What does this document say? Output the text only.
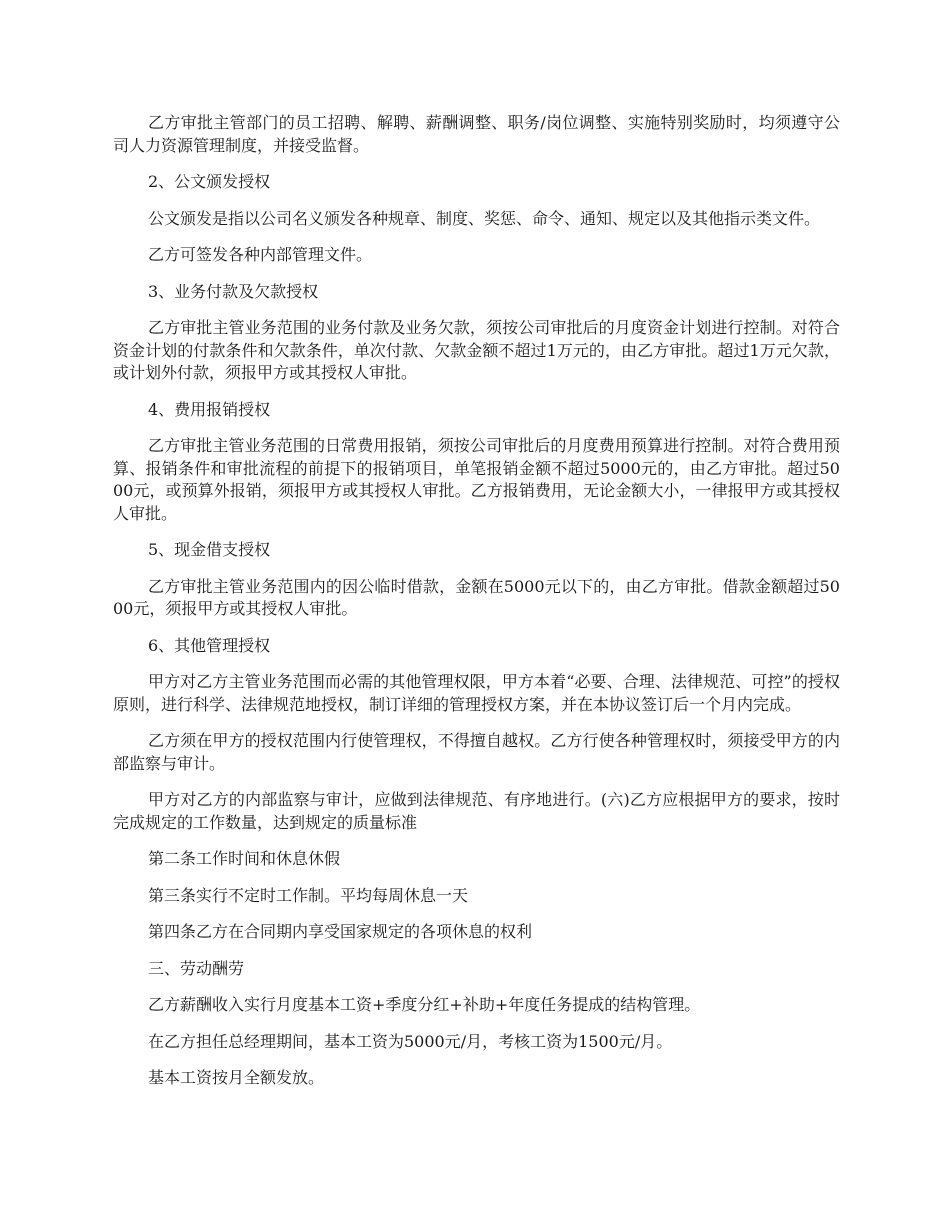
乙方审批主管部门的员工招聘、解聘、薪酬调整、职务/岗位调整、实施特别奖励时，均须遵守公司人力资源管理制度，并接受监督。

2、公文颁发授权

公文颁发是指以公司名义颁发各种规章、制度、奖惩、命令、通知、规定以及其他指示类文件。

乙方可签发各种内部管理文件。

3、业务付款及欠款授权

乙方审批主管业务范围的业务付款及业务欠款，须按公司审批后的月度资金计划进行控制。对符合资金计划的付款条件和欠款条件，单次付款、欠款金额不超过1万元的，由乙方审批。超过1万元欠款，或计划外付款，须报甲方或其授权人审批。

4、费用报销授权

乙方审批主管业务范围的日常费用报销，须按公司审批后的月度费用预算进行控制。对符合费用预算、报销条件和审批流程的前提下的报销项目，单笔报销金额不超过5000元的，由乙方审批。超过5000元，或预算外报销，须报甲方或其授权人审批。乙方报销费用，无论金额大小，一律报甲方或其授权人审批。

5、现金借支授权

乙方审批主管业务范围内的因公临时借款，金额在5000元以下的，由乙方审批。借款金额超过5000元，须报甲方或其授权人审批。

6、其他管理授权

甲方对乙方主管业务范围而必需的其他管理权限，甲方本着“必要、合理、法律规范、可控”的授权原则，进行科学、法律规范地授权，制订详细的管理授权方案，并在本协议签订后一个月内完成。

乙方须在甲方的授权范围内行使管理权，不得擅自越权。乙方行使各种管理权时，须接受甲方的内部监察与审计。

甲方对乙方的内部监察与审计，应做到法律规范、有序地进行。(六)乙方应根据甲方的要求，按时完成规定的工作数量，达到规定的质量标准

第二条工作时间和休息休假

第三条实行不定时工作制。平均每周休息一天

第四条乙方在合同期内享受国家规定的各项休息的权利

三、劳动酬劳

乙方薪酬收入实行月度基本工资+季度分红+补助+年度任务提成的结构管理。

在乙方担任总经理期间，基本工资为5000元/月，考核工资为1500元/月。

基本工资按月全额发放。
